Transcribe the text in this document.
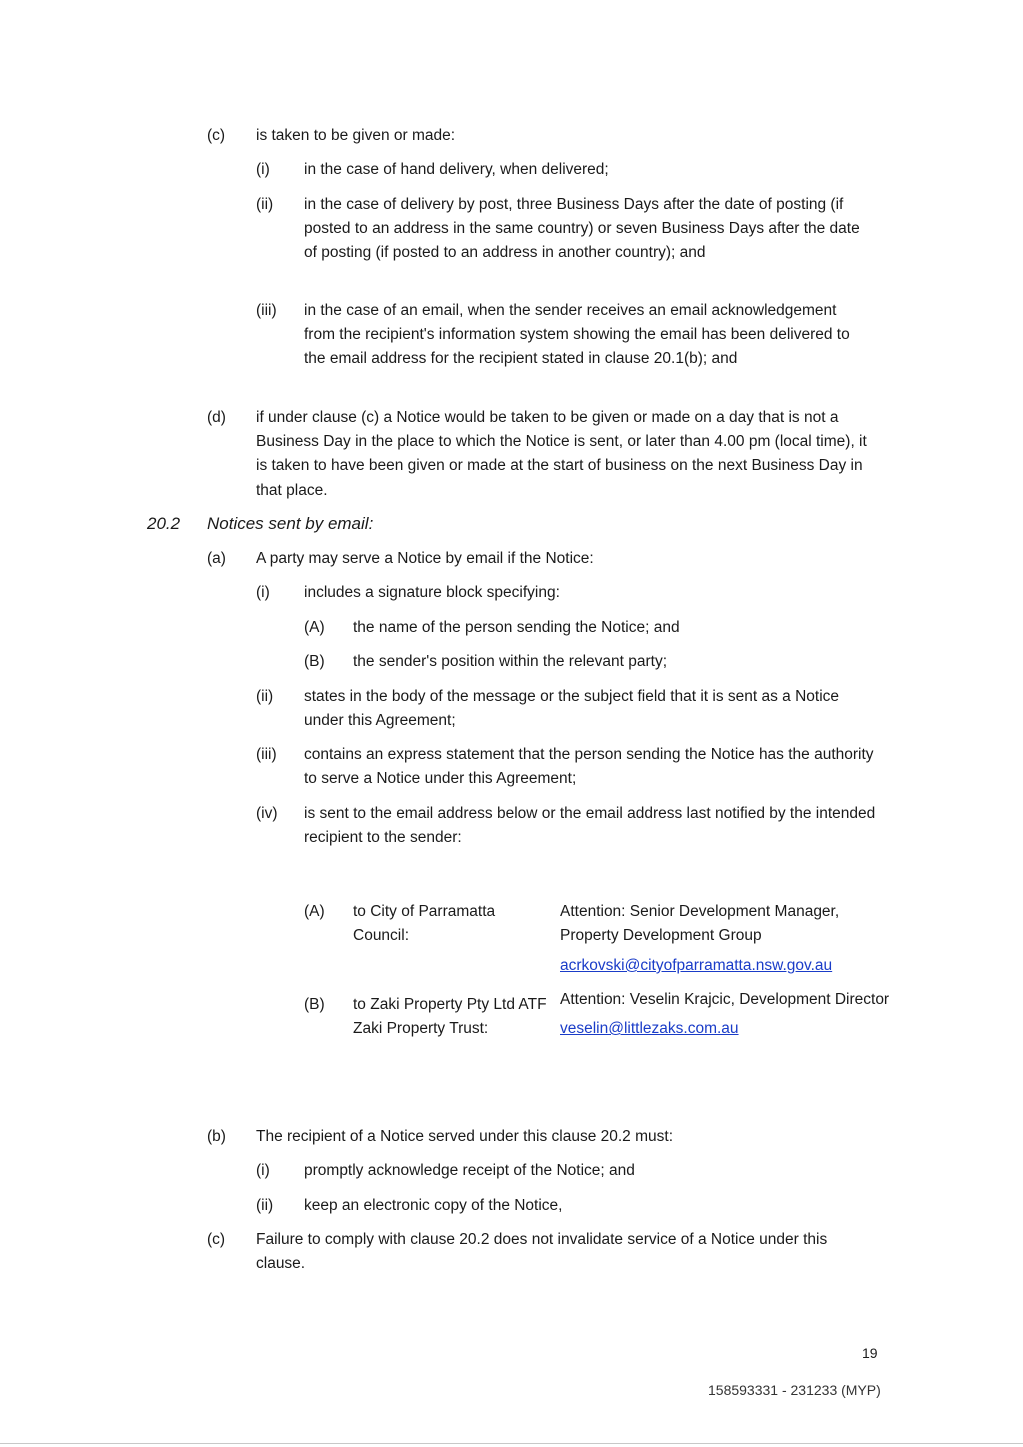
(c) is taken to be given or made:
(i) in the case of hand delivery, when delivered;
(ii) in the case of delivery by post, three Business Days after the date of posting (if posted to an address in the same country) or seven Business Days after the date of posting (if posted to an address in another country); and
(iii) in the case of an email, when the sender receives an email acknowledgement from the recipient's information system showing the email has been delivered to the email address for the recipient stated in clause 20.1(b); and
(d) if under clause (c) a Notice would be taken to be given or made on a day that is not a Business Day in the place to which the Notice is sent, or later than 4.00 pm (local time), it is taken to have been given or made at the start of business on the next Business Day in that place.
20.2 Notices sent by email:
(a) A party may serve a Notice by email if the Notice:
(i) includes a signature block specifying:
(A) the name of the person sending the Notice; and
(B) the sender's position within the relevant party;
(ii) states in the body of the message or the subject field that it is sent as a Notice under this Agreement;
(iii) contains an express statement that the person sending the Notice has the authority to serve a Notice under this Agreement;
(iv) is sent to the email address below or the email address last notified by the intended recipient to the sender:
(A) to City of Parramatta Council:
Attention: Senior Development Manager, Property Development Group
acrkovski@cityofparramatta.nsw.gov.au
(B) to Zaki Property Pty Ltd ATF Zaki Property Trust:
Attention: Veselin Krajcic, Development Director
veselin@littlezaks.com.au
(b) The recipient of a Notice served under this clause 20.2 must:
(i) promptly acknowledge receipt of the Notice; and
(ii) keep an electronic copy of the Notice,
(c) Failure to comply with clause 20.2 does not invalidate service of a Notice under this clause.
19
158593331 - 231233 (MYP)
